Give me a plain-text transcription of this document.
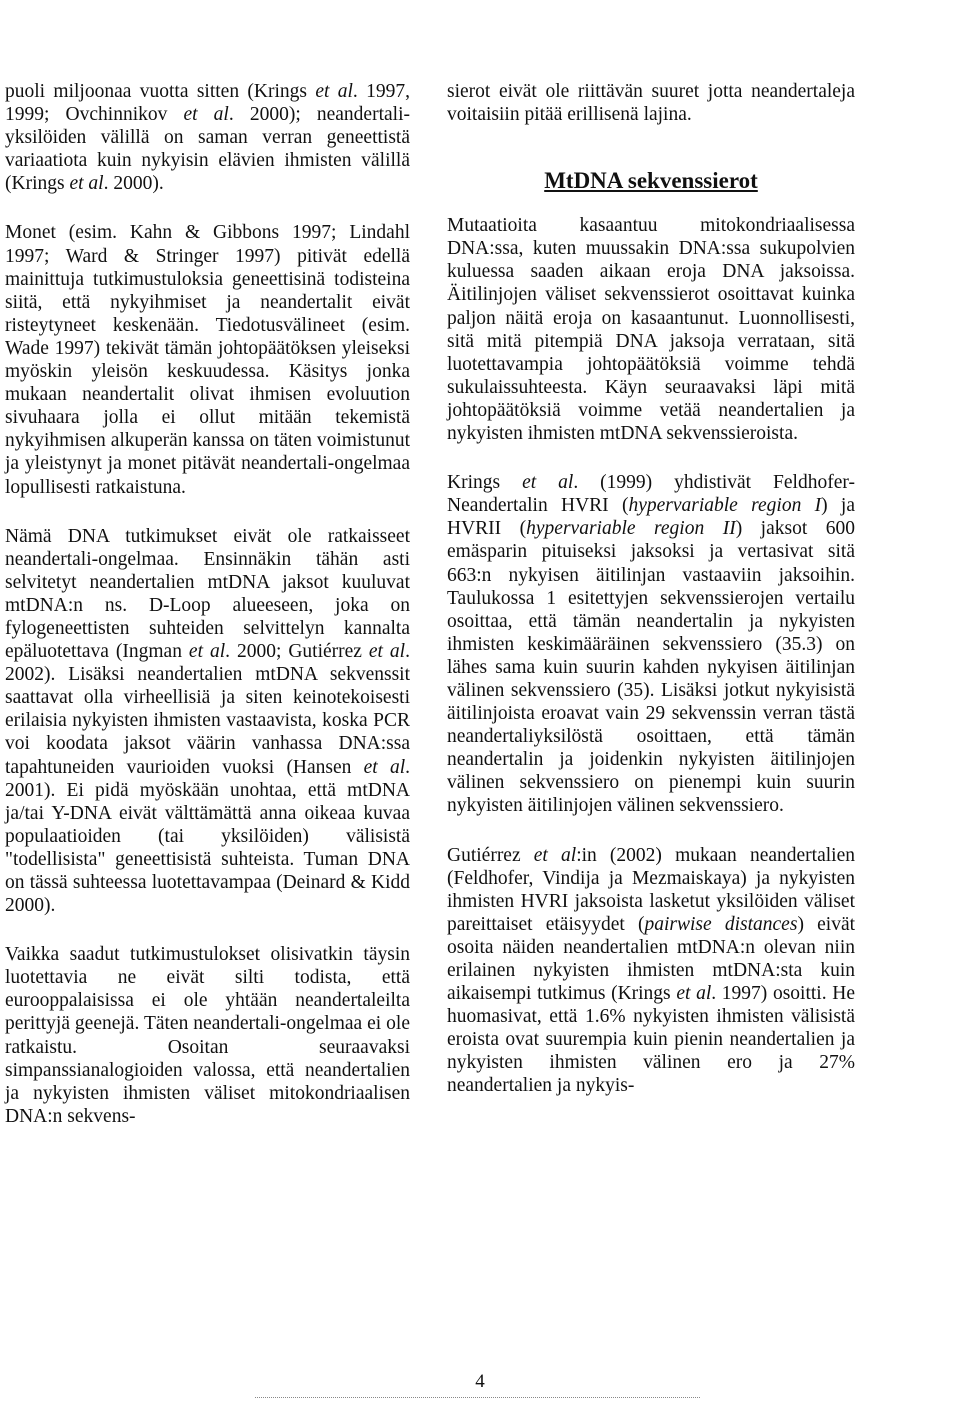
puoli miljoonaa vuotta sitten (Krings et al. 1997, 1999; Ovchinnikov et al. 2000); neandertali-yksilöiden välillä on saman verran geneettistä variaatiota kuin nykyisin elävien ihmisten välillä (Krings et al. 2000).

Monet (esim. Kahn & Gibbons 1997; Lindahl 1997; Ward & Stringer 1997) pitivät edellä mainittuja tutkimustuloksia geneettisinä todisteina siitä, että nykyihmiset ja neandertalit eivät risteytyneet keskenään. Tiedotusvälineet (esim. Wade 1997) tekivät tämän johtopäätöksen yleiseksi myöskin yleisön keskuudessa. Käsitys jonka mukaan neandertalit olivat ihmisen evoluution sivuhaara jolla ei ollut mitään tekemistä nykyihmisen alkuperän kanssa on täten voimistunut ja yleistynyt ja monet pitävät neandertali-ongelmaa lopullisesti ratkaistuna.

Nämä DNA tutkimukset eivät ole ratkaisseet neandertali-ongelmaa. Ensinnäkin tähän asti selvitetyt neandertalien mtDNA jaksot kuuluvat mtDNA:n ns. D-Loop alueeseen, joka on fylogeneettisten suhteiden selvittelyn kannalta epäluotettava (Ingman et al. 2000; Gutiérrez et al. 2002). Lisäksi neandertalien mtDNA sekvenssit saattavat olla virheellisiä ja siten keinotekoisesti erilaisia nykyisten ihmisten vastaavista, koska PCR voi koodata jaksot väärin vanhassa DNA:ssa tapahtuneiden vaurioiden vuoksi (Hansen et al. 2001). Ei pidä myöskään unohtaa, että mtDNA ja/tai Y-DNA eivät välttämättä anna oikeaa kuvaa populaatioiden (tai yksilöiden) välisistä "todellisista" geneettisistä suhteista. Tuman DNA on tässä suhteessa luotettavampaa (Deinard & Kidd 2000).

Vaikka saadut tutkimustulokset olisivatkin täysin luotettavia ne eivät silti todista, että eurooppalaisissa ei ole yhtään neandertaleilta perittyjä geenejä. Täten neandertali-ongelmaa ei ole ratkaistu. Osoitan seuraavaksi simpanssianalogioiden valossa, että neandertalien ja nykyisten ihmisten väliset mitokondriaalisen DNA:n sekvens-

sierot eivät ole riittävän suuret jotta neandertaleja voitaisiin pitää erillisenä lajina.

MtDNA sekvenssierot

Mutaatioita kasaantuu mitokondriaalisessa DNA:ssa, kuten muussakin DNA:ssa sukupolvien kuluessa saaden aikaan eroja DNA jaksoissa. Äitilinjojen väliset sekvenssierot osoittavat kuinka paljon näitä eroja on kasaantunut. Luonnollisesti, sitä mitä pitempiä DNA jaksoja verrataan, sitä luotettavampia johtopäätöksiä voimme tehdä sukulaissuhteesta. Käyn seuraavaksi läpi mitä johtopäätöksiä voimme vetää neandertalien ja nykyisten ihmisten mtDNA sekvenssieroista.

Krings et al. (1999) yhdistivät Feldhofer-Neandertalin HVRI (hypervariable region I) ja HVRII (hypervariable region II) jaksot 600 emäsparin pituiseksi jaksoksi ja vertasivat sitä 663:n nykyisen äitilinjan vastaaviin jaksoihin. Taulukossa 1 esitettyjen sekvenssierojen vertailu osoittaa, että tämän neandertalin ja nykyisten ihmisten keskimääräinen sekvenssiero (35.3) on lähes sama kuin suurin kahden nykyisen äitilinjan välinen sekvenssiero (35). Lisäksi jotkut nykyisistä äitilinjoista eroavat vain 29 sekvenssin verran tästä neandertaliyksilöstä osoittaen, että tämän neandertalin ja joidenkin nykyisten äitilinjojen välinen sekvenssiero on pienempi kuin suurin nykyisten äitilinjojen välinen sekvenssiero.

Gutiérrez et al:in (2002) mukaan neandertalien (Feldhofer, Vindija ja Mezmaiskaya) ja nykyisten ihmisten HVRI jaksoista lasketut yksilöiden väliset pareittaiset etäisyydet (pairwise distances) eivät osoita näiden neandertalien mtDNA:n olevan niin erilainen nykyisten ihmisten mtDNA:sta kuin aikaisempi tutkimus (Krings et al. 1997) osoitti. He huomasivat, että 1.6% nykyisten ihmisten välisistä eroista ovat suurempia kuin pienin neandertalien ja nykyisten ihmisten välinen ero ja 27% neandertalien ja nykyis-

4
